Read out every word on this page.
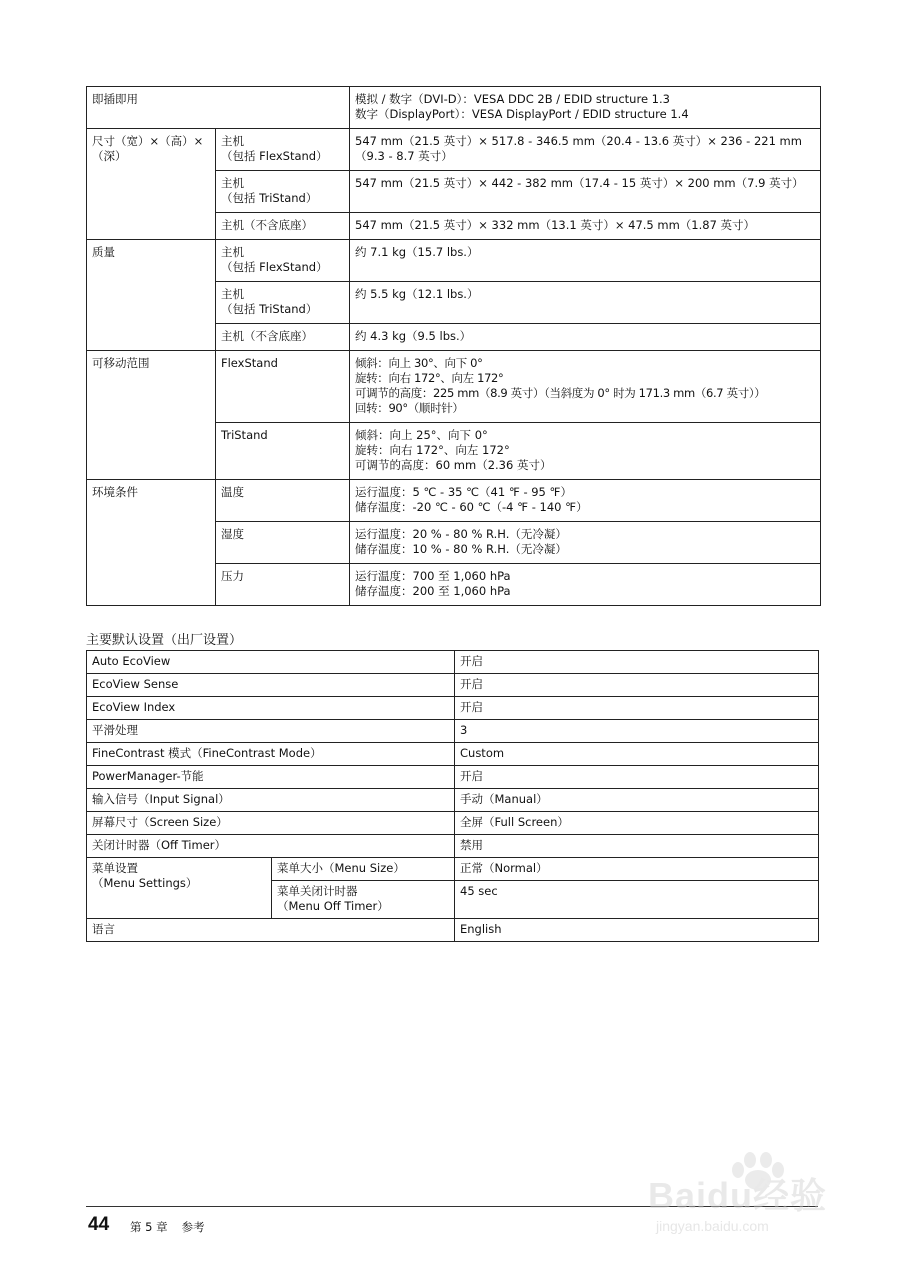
即插即用		模拟 / 数字（DVI-D）：VESA DDC 2B / EDID structure 1.3
数字（DisplayPort）：VESA DisplayPort / EDID structure 1.4

尺寸（宽）×（高）×（深）	主机
（包括 FlexStand）	547 mm（21.5 英寸）× 517.8 - 346.5 mm（20.4 - 13.6 英寸）× 236 - 221 mm（9.3 - 8.7 英寸）
	主机
（包括 TriStand）	547 mm（21.5 英寸）× 442 - 382 mm（17.4 - 15 英寸）× 200 mm（7.9 英寸）
	主机（不含底座）	547 mm（21.5 英寸）× 332 mm（13.1 英寸）× 47.5 mm（1.87 英寸）
质量	主机
（包括 FlexStand）	约 7.1 kg（15.7 lbs.）
	主机
（包括 TriStand）	约 5.5 kg（12.1 lbs.）
	主机（不含底座）	约 4.3 kg（9.5 lbs.）
可移动范围	FlexStand	倾斜：向上 30°、向下 0°
旋转：向右 172°、向左 172°
可调节的高度：225 mm（8.9 英寸）（当斜度为 0° 时为 171.3 mm（6.7 英寸））
回转：90°（顺时针）
	TriStand	倾斜：向上 25°、向下 0°
旋转：向右 172°、向左 172°
可调节的高度：60 mm（2.36 英寸）
环境条件	温度	运行温度：5 ℃ - 35 ℃（41 ℉ - 95 ℉）
储存温度：-20 ℃ - 60 ℃（-4 ℉ - 140 ℉）
	湿度	运行温度：20 % - 80 % R.H.（无冷凝）
储存温度：10 % - 80 % R.H.（无冷凝）
	压力	运行温度：700 至 1,060 hPa
储存温度：200 至 1,060 hPa
主要默认设置（出厂设置）
Auto EcoView		开启
EcoView Sense		开启
EcoView Index		开启
平滑处理		3
FineContrast 模式（FineContrast Mode）		Custom
PowerManager-节能		开启
输入信号（Input Signal）		手动（Manual）
屏幕尺寸（Screen Size）		全屏（Full Screen）
关闭计时器（Off Timer）		禁用
菜单设置
（Menu Settings）	菜单大小（Menu Size）	正常（Normal）
	菜单关闭计时器
（Menu Off Timer）	45 sec
语言		English
44 第 5 章 参考
Baidu经验
jingyan.baidu.com
